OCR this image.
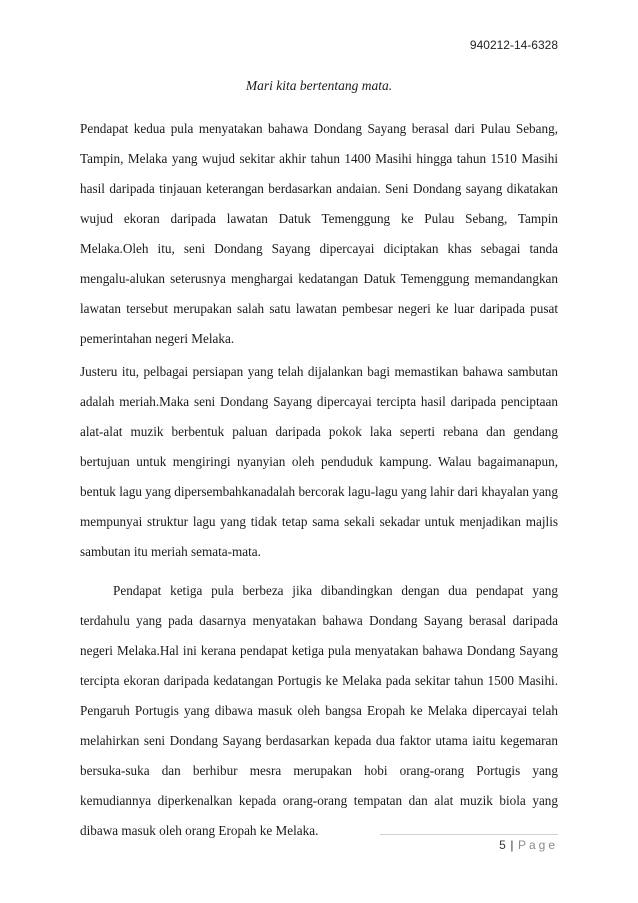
940212-14-6328
Mari kita bertentang mata.

Pendapat kedua pula menyatakan bahawa Dondang Sayang berasal dari Pulau Sebang, Tampin, Melaka yang wujud sekitar akhir tahun 1400 Masihi hingga tahun 1510 Masihi hasil daripada tinjauan keterangan berdasarkan andaian. Seni Dondang sayang dikatakan wujud ekoran daripada lawatan Datuk Temenggung ke Pulau Sebang, Tampin Melaka.Oleh itu, seni Dondang Sayang dipercayai diciptakan khas sebagai tanda mengalu-alukan seterusnya menghargai kedatangan Datuk Temenggung memandangkan lawatan tersebut merupakan salah satu lawatan pembesar negeri ke luar daripada pusat pemerintahan negeri Melaka.

Justeru itu, pelbagai persiapan yang telah dijalankan bagi memastikan bahawa sambutan adalah meriah.Maka seni Dondang Sayang dipercayai tercipta hasil daripada penciptaan alat-alat muzik berbentuk paluan daripada pokok laka seperti rebana dan gendang bertujuan untuk mengiringi nyanyian oleh penduduk kampung. Walau bagaimanapun, bentuk lagu yang dipersembahkanadalah bercorak lagu-lagu yang lahir dari khayalan yang mempunyai struktur lagu yang tidak tetap sama sekali sekadar untuk menjadikan majlis sambutan itu meriah semata-mata.

Pendapat ketiga pula berbeza jika dibandingkan dengan dua pendapat yang terdahulu yang pada dasarnya menyatakan bahawa Dondang Sayang berasal daripada negeri Melaka.Hal ini kerana pendapat ketiga pula menyatakan bahawa Dondang Sayang tercipta ekoran daripada kedatangan Portugis ke Melaka pada sekitar tahun 1500 Masihi. Pengaruh Portugis yang dibawa masuk oleh bangsa Eropah ke Melaka dipercayai telah melahirkan seni Dondang Sayang berdasarkan kepada dua faktor utama iaitu kegemaran bersuka-suka dan berhibur mesra merupakan hobi orang-orang Portugis yang kemudiannya diperkenalkan kepada orang-orang tempatan dan alat muzik biola yang dibawa masuk oleh orang Eropah ke Melaka.

5 | Page
